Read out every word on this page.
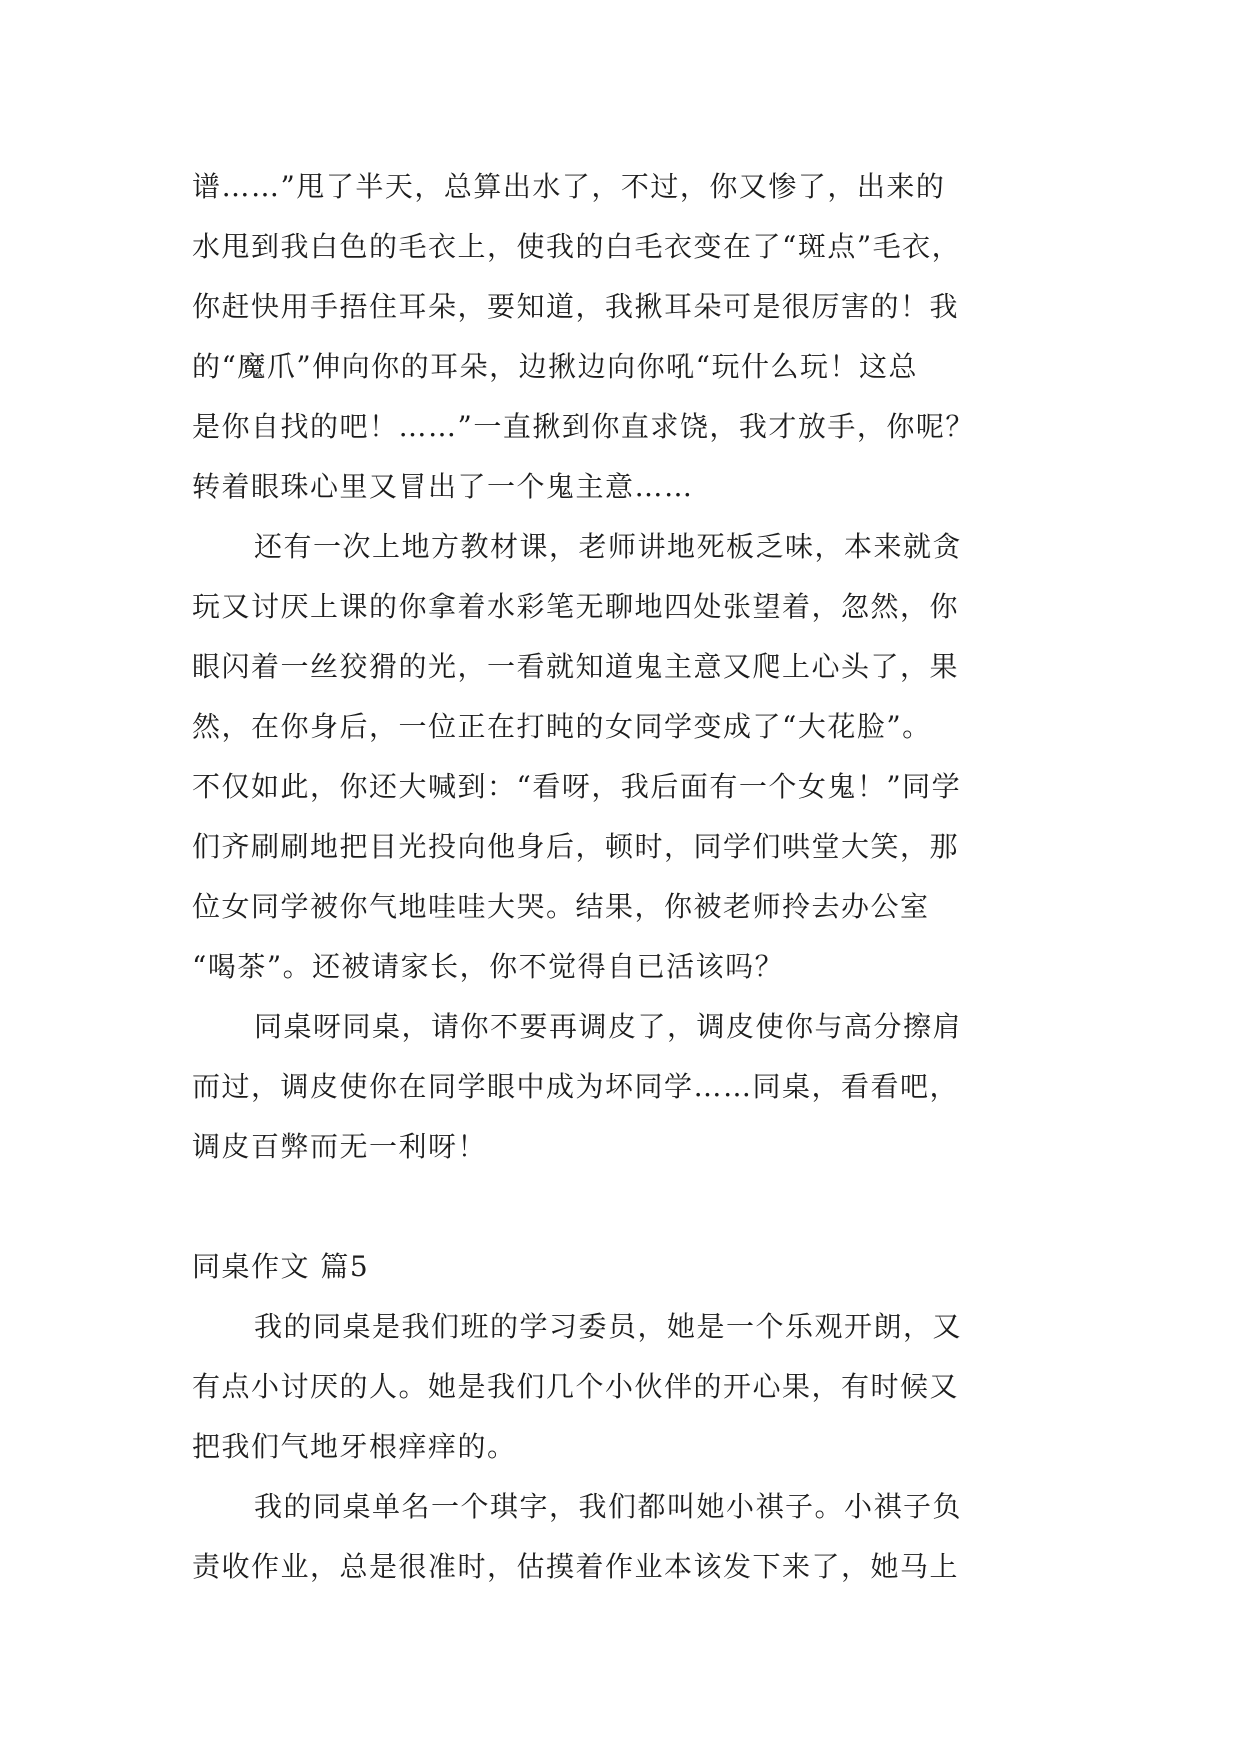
谱……”甩了半天，总算出水了，不过，你又惨了，出来的
水甩到我白色的毛衣上，使我的白毛衣变在了“斑点”毛衣，
你赶快用手捂住耳朵，要知道，我揪耳朵可是很厉害的！我
的“魔爪”伸向你的耳朵，边揪边向你吼“玩什么玩！这总
是你自找的吧！……”一直揪到你直求饶，我才放手，你呢？
转着眼珠心里又冒出了一个鬼主意……
还有一次上地方教材课，老师讲地死板乏味，本来就贪
玩又讨厌上课的你拿着水彩笔无聊地四处张望着，忽然，你
眼闪着一丝狡猾的光，一看就知道鬼主意又爬上心头了，果
然，在你身后，一位正在打盹的女同学变成了“大花脸”。
不仅如此，你还大喊到：“看呀，我后面有一个女鬼！”同学
们齐刷刷地把目光投向他身后，顿时，同学们哄堂大笑，那
位女同学被你气地哇哇大哭。结果，你被老师拎去办公室
“喝茶”。还被请家长，你不觉得自已活该吗？
同桌呀同桌，请你不要再调皮了，调皮使你与高分擦肩
而过，调皮使你在同学眼中成为坏同学……同桌，看看吧，
调皮百弊而无一利呀！
同桌作文 篇5
我的同桌是我们班的学习委员，她是一个乐观开朗，又
有点小讨厌的人。她是我们几个小伙伴的开心果，有时候又
把我们气地牙根痒痒的。
我的同桌单名一个琪字，我们都叫她小祺子。小祺子负
责收作业，总是很准时，估摸着作业本该发下来了，她马上
